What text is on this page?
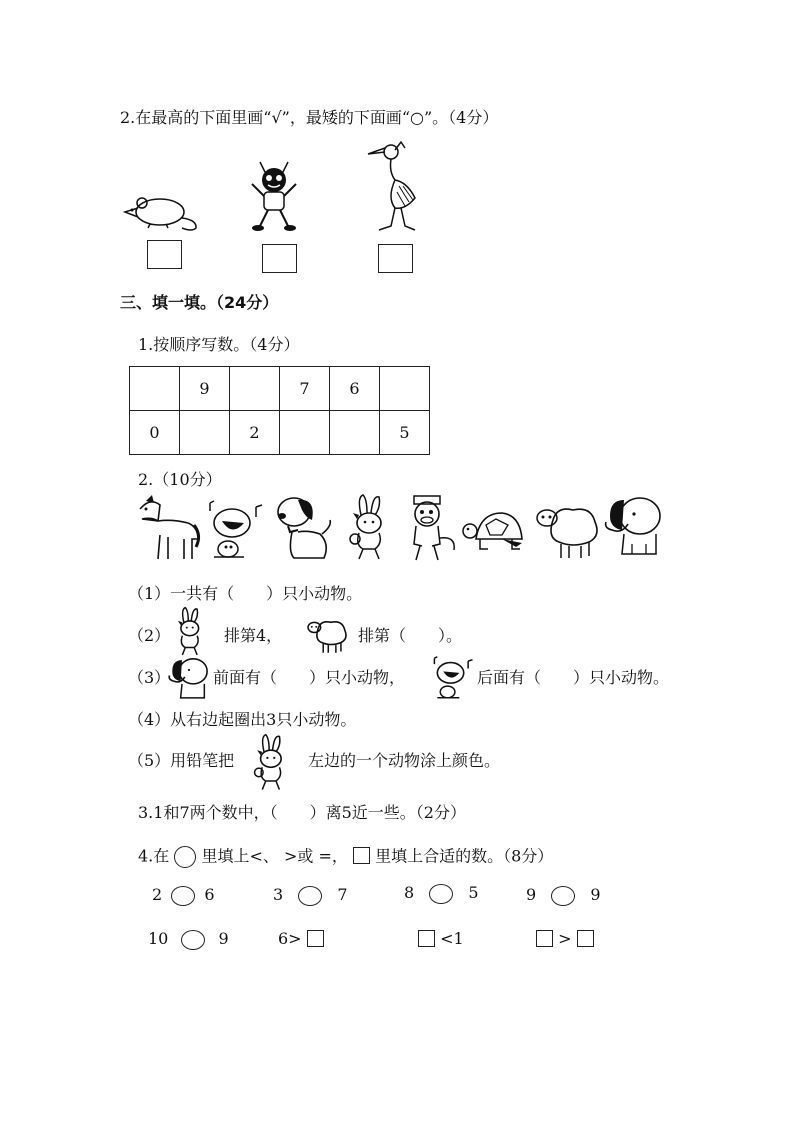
2.在最高的下面里画“√”，最矮的下面画“○”。（4分）
三、填一填。（24分）
1.按顺序写数。（4分）
	9		7	6	
0		2			5
2.（10分）
（1）一共有（　　）只小动物。
（2）	排第4，	排第（　　）。
（3）	前面有（　　）只小动物，	后面有（　　）只小动物。
（4）从右边起圈出3只小动物。
（5）用铅笔把	左边的一个动物涂上颜色。
3.1和7两个数中，（　　）离5近一些。（2分）
4.在 里填上<、 >或 =， 里填上合适的数。（8分）
2	6	3	7	8	5	9	9
10	9	6>	<1	>
